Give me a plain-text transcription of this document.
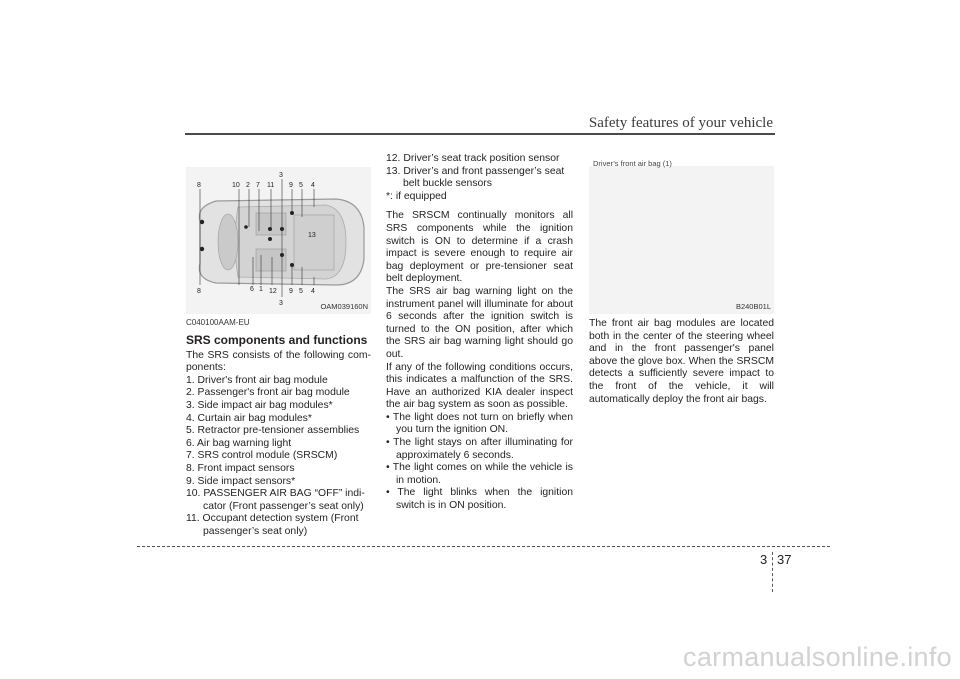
Safety features of your vehicle
8	10 2 7 11
3
9 5 4
13
8	6 1 12
3
9 5 4
OAM039160N

C040100AAM-EU

SRS components and functions

The SRS consists of the following com-ponents:

1. Driver's front air bag module

2. Passenger's front air bag module

3. Side impact air bag modules*

4. Curtain air bag modules*

5. Retractor pre-tensioner assemblies

6. Air bag warning light

7. SRS control module (SRSCM)

8. Front impact sensors

9. Side impact sensors*

10. PASSENGER AIR BAG “OFF” indi-cator (Front passenger’s seat only)

11. Occupant detection system (Front passenger’s seat only)

12. Driver’s seat track position sensor

13. Driver’s and front passenger’s seat belt buckle sensors

*: if equipped

The SRSCM continually monitors all SRS components while the ignition switch is ON to determine if a crash impact is severe enough to require air bag deployment or pre-tensioner seat belt deployment.

The SRS air bag warning light on the instrument panel will illuminate for about 6 seconds after the ignition switch is turned to the ON position, after which the SRS air bag warning light should go out.

If any of the following conditions occurs, this indicates a malfunction of the SRS. Have an authorized KIA dealer inspect the air bag system as soon as possible.

• The light does not turn on briefly when you turn the ignition ON.

• The light stays on after illuminating for approximately 6 seconds.

• The light comes on while the vehicle is in motion.

• The light blinks when the ignition switch is in ON position.

Driver’s front air bag (1)
B240B01L

The front air bag modules are located both in the center of the steering wheel and in the front passenger's panel above the glove box. When the SRSCM detects a sufficiently severe impact to the front of the vehicle, it will automatically deploy the front air bags.

3 37
carmanualsonline.info
